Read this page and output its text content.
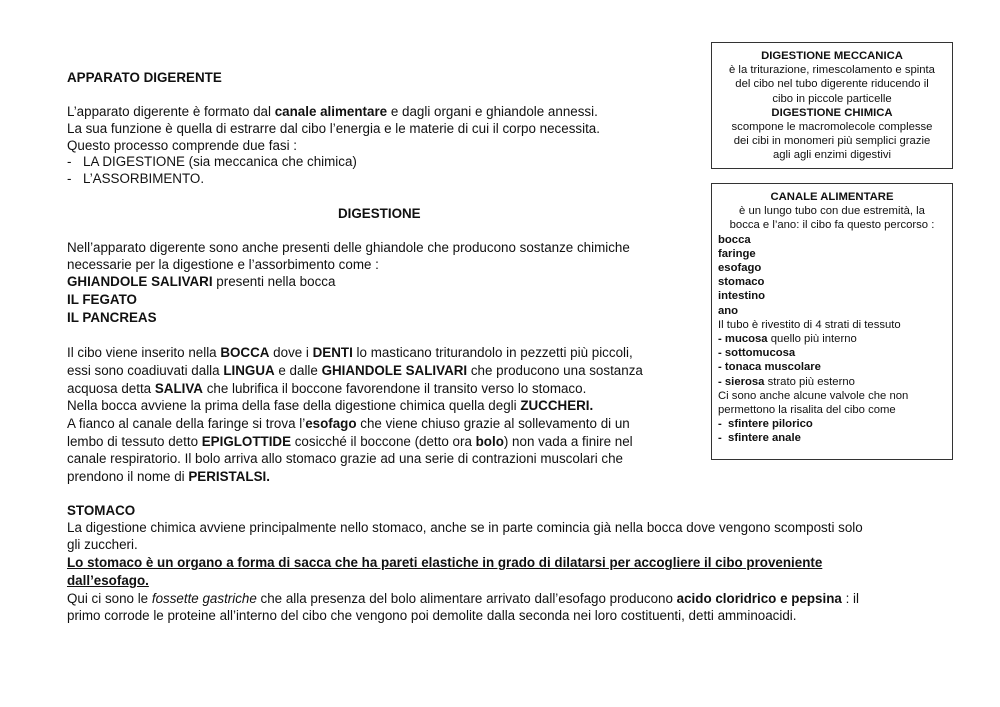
APPARATO DIGERENTE

L’apparato digerente è formato dal canale alimentare e dagli organi e ghiandole annessi.

La sua funzione è quella di estrarre dal cibo l’energia e le materie di cui il corpo necessita.

Questo processo comprende due fasi :

- LA DIGESTIONE (sia meccanica che chimica)

- L’ASSORBIMENTO.

DIGESTIONE

Nell’apparato digerente sono anche presenti delle ghiandole che producono sostanze chimiche

necessarie per la digestione e l’assorbimento come :

GHIANDOLE SALIVARI presenti nella bocca

IL FEGATO

IL PANCREAS

Il cibo viene inserito nella BOCCA dove i DENTI lo masticano triturandolo in pezzetti più piccoli,

essi sono coadiuvati dalla LINGUA e dalle GHIANDOLE SALIVARI che producono una sostanza

acquosa detta SALIVA che lubrifica il boccone favorendone il transito verso lo stomaco.

Nella bocca avviene la prima della fase della digestione chimica quella degli ZUCCHERI.

A fianco al canale della faringe si trova l’esofago che viene chiuso grazie al sollevamento di un

lembo di tessuto detto EPIGLOTTIDE cosicché il boccone (detto ora bolo) non vada a finire nel

canale respiratorio. Il bolo arriva allo stomaco grazie ad una serie di contrazioni muscolari che

prendono il nome di PERISTALSI.

STOMACO

La digestione chimica avviene principalmente nello stomaco, anche se in parte comincia già nella bocca dove vengono scomposti solo

gli zuccheri.

Lo stomaco è un organo a forma di sacca che ha pareti elastiche in grado di dilatarsi per accogliere il cibo proveniente

dall’esofago.

Qui ci sono le fossette gastriche che alla presenza del bolo alimentare arrivato dall’esofago producono acido cloridrico e pepsina : il

primo corrode le proteine all’interno del cibo che vengono poi demolite dalla seconda nei loro costituenti, detti amminoacidi.

DIGESTIONE MECCANICA

è la triturazione, rimescolamento e spinta

del cibo nel tubo digerente riducendo il

cibo in piccole particelle

DIGESTIONE CHIMICA

scompone le macromolecole complesse

dei cibi in monomeri più semplici grazie

agli agli enzimi digestivi

CANALE ALIMENTARE

è un lungo tubo con due estremità, la

bocca e l’ano: il cibo fa questo percorso :

bocca

faringe

esofago

stomaco

intestino

ano

Il tubo è rivestito di 4 strati di tessuto

- mucosa quello più interno

- sottomucosa

- tonaca muscolare

- sierosa strato più esterno

Ci sono anche alcune valvole che non

permettono la risalita del cibo come

-  sfintere pilorico

-  sfintere anale
